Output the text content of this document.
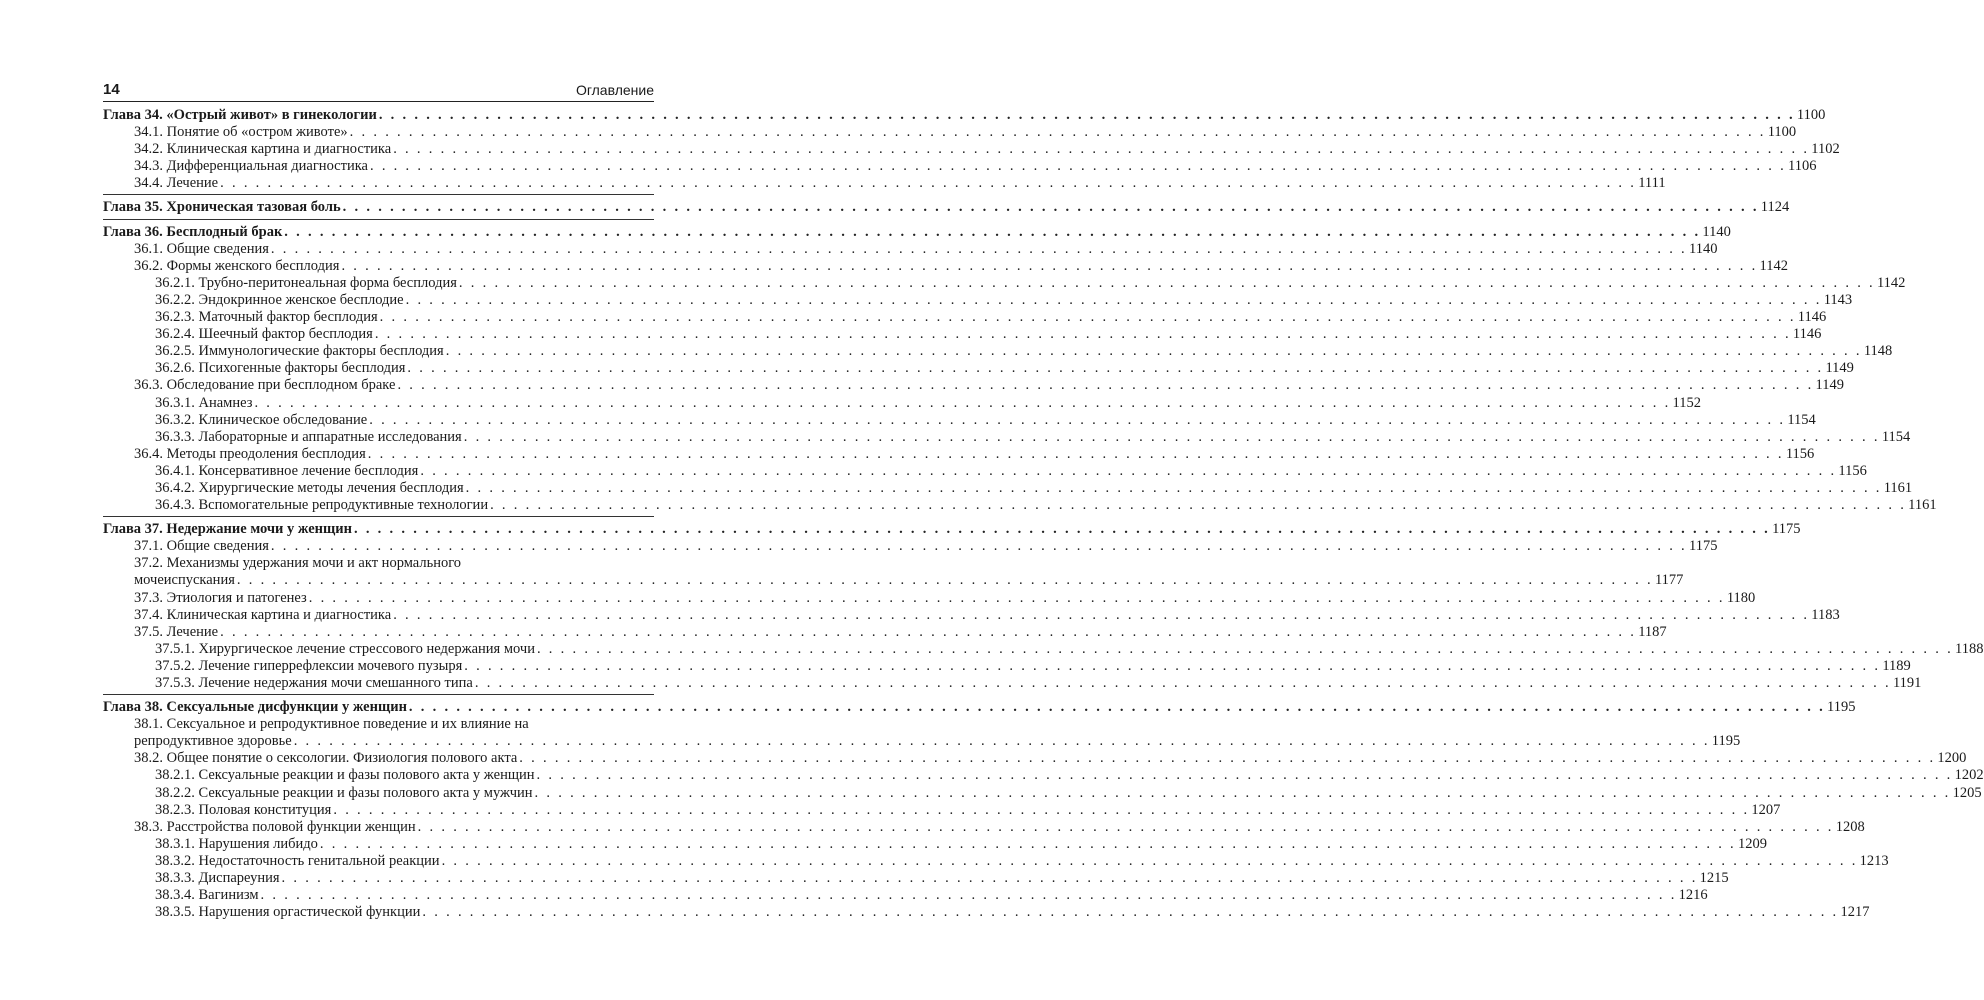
14	Оглавление
Глава 34. «Острый живот» в гинекологии . . . . . . . . . . . . . . . . . . . . . . . . . . . . . . . . . . . . . . . . . . . . . . . . . . . . . . . . . . . . . . . . . . . . . . . . . . . . . . . . . . . . . . . . . . . . . . . . . . . . . . . . . . . . . . . . . . . . . . . . 1100
34.1. Понятие об «остром животе» . . . . . . . . . . . . . . . . . . . . . . . . . . . . . . . . . . . . . . . . . . . . . . . . . . . . . . . . . . . . . . . . . . . . . . . . . . . . . . . . . . . . . . . . . . . . . . . . . . . . . . . . . . . . . . . . . . . . . . . . 1100
34.2. Клиническая картина и диагностика . . . . . . . . . . . . . . . . . . . . . . . . . . . . . . . . . . . . . . . . . . . . . . . . . . . . . . . . . . . . . . . . . . . . . . . . . . . . . . . . . . . . . . . . . . . . . . . . . . . . . . . . . . . . . . . . . . . . . . . . 1102
34.3. Дифференциальная диагностика . . . . . . . . . . . . . . . . . . . . . . . . . . . . . . . . . . . . . . . . . . . . . . . . . . . . . . . . . . . . . . . . . . . . . . . . . . . . . . . . . . . . . . . . . . . . . . . . . . . . . . . . . . . . . . . . . . . . . . . . 1106
34.4. Лечение . . . . . . . . . . . . . . . . . . . . . . . . . . . . . . . . . . . . . . . . . . . . . . . . . . . . . . . . . . . . . . . . . . . . . . . . . . . . . . . . . . . . . . . . . . . . . . . . . . . . . . . . . . . . . . . . . . . . . . . . 1111
Глава 35. Хроническая тазовая боль . . . . . . . . . . . . . . . . . . . . . . . . . . . . . . . . . . . . . . . . . . . . . . . . . . . . . . . . . . . . . . . . . . . . . . . . . . . . . . . . . . . . . . . . . . . . . . . . . . . . . . . . . . . . . . . . . . . . . . . . 1124
Глава 36. Бесплодный брак . . . . . . . . . . . . . . . . . . . . . . . . . . . . . . . . . . . . . . . . . . . . . . . . . . . . . . . . . . . . . . . . . . . . . . . . . . . . . . . . . . . . . . . . . . . . . . . . . . . . . . . . . . . . . . . . . . . . . . . . 1140
36.1. Общие сведения . . . . . . . . . . . . . . . . . . . . . . . . . . . . . . . . . . . . . . . . . . . . . . . . . . . . . . . . . . . . . . . . . . . . . . . . . . . . . . . . . . . . . . . . . . . . . . . . . . . . . . . . . . . . . . . . . . . . . . . . 1140
36.2. Формы женского бесплодия . . . . . . . . . . . . . . . . . . . . . . . . . . . . . . . . . . . . . . . . . . . . . . . . . . . . . . . . . . . . . . . . . . . . . . . . . . . . . . . . . . . . . . . . . . . . . . . . . . . . . . . . . . . . . . . . . . . . . . . . 1142
36.2.1. Трубно-перитонеальная форма бесплодия . . . . . . . . . . . . . . . . . . . . . . . . . . . . . . . . . . . . . . . . . . . . . . . . . . . . . . . . . . . . . . . . . . . . . . . . . . . . . . . . . . . . . . . . . . . . . . . . . . . . . . . . . . . . . . . . . . . . . . . . 1142
36.2.2. Эндокринное женское бесплодие . . . . . . . . . . . . . . . . . . . . . . . . . . . . . . . . . . . . . . . . . . . . . . . . . . . . . . . . . . . . . . . . . . . . . . . . . . . . . . . . . . . . . . . . . . . . . . . . . . . . . . . . . . . . . . . . . . . . . . . . 1143
36.2.3. Маточный фактор бесплодия . . . . . . . . . . . . . . . . . . . . . . . . . . . . . . . . . . . . . . . . . . . . . . . . . . . . . . . . . . . . . . . . . . . . . . . . . . . . . . . . . . . . . . . . . . . . . . . . . . . . . . . . . . . . . . . . . . . . . . . . 1146
36.2.4. Шеечный фактор бесплодия . . . . . . . . . . . . . . . . . . . . . . . . . . . . . . . . . . . . . . . . . . . . . . . . . . . . . . . . . . . . . . . . . . . . . . . . . . . . . . . . . . . . . . . . . . . . . . . . . . . . . . . . . . . . . . . . . . . . . . . . 1146
36.2.5. Иммунологические факторы бесплодия . . . . . . . . . . . . . . . . . . . . . . . . . . . . . . . . . . . . . . . . . . . . . . . . . . . . . . . . . . . . . . . . . . . . . . . . . . . . . . . . . . . . . . . . . . . . . . . . . . . . . . . . . . . . . . . . . . . . . . . . 1148
36.2.6. Психогенные факторы бесплодия . . . . . . . . . . . . . . . . . . . . . . . . . . . . . . . . . . . . . . . . . . . . . . . . . . . . . . . . . . . . . . . . . . . . . . . . . . . . . . . . . . . . . . . . . . . . . . . . . . . . . . . . . . . . . . . . . . . . . . . . 1149
36.3. Обследование при бесплодном браке . . . . . . . . . . . . . . . . . . . . . . . . . . . . . . . . . . . . . . . . . . . . . . . . . . . . . . . . . . . . . . . . . . . . . . . . . . . . . . . . . . . . . . . . . . . . . . . . . . . . . . . . . . . . . . . . . . . . . . . . 1149
36.3.1. Анамнез . . . . . . . . . . . . . . . . . . . . . . . . . . . . . . . . . . . . . . . . . . . . . . . . . . . . . . . . . . . . . . . . . . . . . . . . . . . . . . . . . . . . . . . . . . . . . . . . . . . . . . . . . . . . . . . . . . . . . . . . 1152
36.3.2. Клиническое обследование . . . . . . . . . . . . . . . . . . . . . . . . . . . . . . . . . . . . . . . . . . . . . . . . . . . . . . . . . . . . . . . . . . . . . . . . . . . . . . . . . . . . . . . . . . . . . . . . . . . . . . . . . . . . . . . . . . . . . . . . 1154
36.3.3. Лабораторные и аппаратные исследования . . . . . . . . . . . . . . . . . . . . . . . . . . . . . . . . . . . . . . . . . . . . . . . . . . . . . . . . . . . . . . . . . . . . . . . . . . . . . . . . . . . . . . . . . . . . . . . . . . . . . . . . . . . . . . . . . . . . . . . . 1154
36.4. Методы преодоления бесплодия . . . . . . . . . . . . . . . . . . . . . . . . . . . . . . . . . . . . . . . . . . . . . . . . . . . . . . . . . . . . . . . . . . . . . . . . . . . . . . . . . . . . . . . . . . . . . . . . . . . . . . . . . . . . . . . . . . . . . . . . 1156
36.4.1. Консервативное лечение бесплодия . . . . . . . . . . . . . . . . . . . . . . . . . . . . . . . . . . . . . . . . . . . . . . . . . . . . . . . . . . . . . . . . . . . . . . . . . . . . . . . . . . . . . . . . . . . . . . . . . . . . . . . . . . . . . . . . . . . . . . . . 1156
36.4.2. Хирургические методы лечения бесплодия . . . . . . . . . . . . . . . . . . . . . . . . . . . . . . . . . . . . . . . . . . . . . . . . . . . . . . . . . . . . . . . . . . . . . . . . . . . . . . . . . . . . . . . . . . . . . . . . . . . . . . . . . . . . . . . . . . . . . . . . 1161
36.4.3. Вспомогательные репродуктивные технологии . . . . . . . . . . . . . . . . . . . . . . . . . . . . . . . . . . . . . . . . . . . . . . . . . . . . . . . . . . . . . . . . . . . . . . . . . . . . . . . . . . . . . . . . . . . . . . . . . . . . . . . . . . . . . . . . . . . . . . . . 1161
Глава 37. Недержание мочи у женщин . . . . . . . . . . . . . . . . . . . . . . . . . . . . . . . . . . . . . . . . . . . . . . . . . . . . . . . . . . . . . . . . . . . . . . . . . . . . . . . . . . . . . . . . . . . . . . . . . . . . . . . . . . . . . . . . . . . . . . . . 1175
37.1. Общие сведения . . . . . . . . . . . . . . . . . . . . . . . . . . . . . . . . . . . . . . . . . . . . . . . . . . . . . . . . . . . . . . . . . . . . . . . . . . . . . . . . . . . . . . . . . . . . . . . . . . . . . . . . . . . . . . . . . . . . . . . . 1175
37.2. Механизмы удержания мочи и акт нормального
мочеиспускания . . . . . . . . . . . . . . . . . . . . . . . . . . . . . . . . . . . . . . . . . . . . . . . . . . . . . . . . . . . . . . . . . . . . . . . . . . . . . . . . . . . . . . . . . . . . . . . . . . . . . . . . . . . . . . . . . . . . . . . . 1177
37.3. Этиология и патогенез . . . . . . . . . . . . . . . . . . . . . . . . . . . . . . . . . . . . . . . . . . . . . . . . . . . . . . . . . . . . . . . . . . . . . . . . . . . . . . . . . . . . . . . . . . . . . . . . . . . . . . . . . . . . . . . . . . . . . . . . 1180
37.4. Клиническая картина и диагностика . . . . . . . . . . . . . . . . . . . . . . . . . . . . . . . . . . . . . . . . . . . . . . . . . . . . . . . . . . . . . . . . . . . . . . . . . . . . . . . . . . . . . . . . . . . . . . . . . . . . . . . . . . . . . . . . . . . . . . . . 1183
37.5. Лечение . . . . . . . . . . . . . . . . . . . . . . . . . . . . . . . . . . . . . . . . . . . . . . . . . . . . . . . . . . . . . . . . . . . . . . . . . . . . . . . . . . . . . . . . . . . . . . . . . . . . . . . . . . . . . . . . . . . . . . . . 1187
37.5.1. Хирургическое лечение стрессового недержания мочи . . . . . . . . . . . . . . . . . . . . . . . . . . . . . . . . . . . . . . . . . . . . . . . . . . . . . . . . . . . . . . . . . . . . . . . . . . . . . . . . . . . . . . . . . . . . . . . . . . . . . . . . . . . . . . . . . . . . . . . . 1188
37.5.2. Лечение гиперрефлексии мочевого пузыря . . . . . . . . . . . . . . . . . . . . . . . . . . . . . . . . . . . . . . . . . . . . . . . . . . . . . . . . . . . . . . . . . . . . . . . . . . . . . . . . . . . . . . . . . . . . . . . . . . . . . . . . . . . . . . . . . . . . . . . . 1189
37.5.3. Лечение недержания мочи смешанного типа . . . . . . . . . . . . . . . . . . . . . . . . . . . . . . . . . . . . . . . . . . . . . . . . . . . . . . . . . . . . . . . . . . . . . . . . . . . . . . . . . . . . . . . . . . . . . . . . . . . . . . . . . . . . . . . . . . . . . . . . 1191
Глава 38. Сексуальные дисфункции у женщин . . . . . . . . . . . . . . . . . . . . . . . . . . . . . . . . . . . . . . . . . . . . . . . . . . . . . . . . . . . . . . . . . . . . . . . . . . . . . . . . . . . . . . . . . . . . . . . . . . . . . . . . . . . . . . . . . . . . . . . . 1195
38.1. Сексуальное и репродуктивное поведение и их влияние на
репродуктивное здоровье . . . . . . . . . . . . . . . . . . . . . . . . . . . . . . . . . . . . . . . . . . . . . . . . . . . . . . . . . . . . . . . . . . . . . . . . . . . . . . . . . . . . . . . . . . . . . . . . . . . . . . . . . . . . . . . . . . . . . . . . 1195
38.2. Общее понятие о сексологии. Физиология полового акта . . . . . . . . . . . . . . . . . . . . . . . . . . . . . . . . . . . . . . . . . . . . . . . . . . . . . . . . . . . . . . . . . . . . . . . . . . . . . . . . . . . . . . . . . . . . . . . . . . . . . . . . . . . . . . . . . . . . . . . . 1200
38.2.1. Сексуальные реакции и фазы полового акта у женщин . . . . . . . . . . . . . . . . . . . . . . . . . . . . . . . . . . . . . . . . . . . . . . . . . . . . . . . . . . . . . . . . . . . . . . . . . . . . . . . . . . . . . . . . . . . . . . . . . . . . . . . . . . . . . . . . . . . . . . . . 1202
38.2.2. Сексуальные реакции и фазы полового акта у мужчин . . . . . . . . . . . . . . . . . . . . . . . . . . . . . . . . . . . . . . . . . . . . . . . . . . . . . . . . . . . . . . . . . . . . . . . . . . . . . . . . . . . . . . . . . . . . . . . . . . . . . . . . . . . . . . . . . . . . . . . . 1205
38.2.3. Половая конституция . . . . . . . . . . . . . . . . . . . . . . . . . . . . . . . . . . . . . . . . . . . . . . . . . . . . . . . . . . . . . . . . . . . . . . . . . . . . . . . . . . . . . . . . . . . . . . . . . . . . . . . . . . . . . . . . . . . . . . . . 1207
38.3. Расстройства половой функции женщин . . . . . . . . . . . . . . . . . . . . . . . . . . . . . . . . . . . . . . . . . . . . . . . . . . . . . . . . . . . . . . . . . . . . . . . . . . . . . . . . . . . . . . . . . . . . . . . . . . . . . . . . . . . . . . . . . . . . . . . . 1208
38.3.1. Нарушения либидо . . . . . . . . . . . . . . . . . . . . . . . . . . . . . . . . . . . . . . . . . . . . . . . . . . . . . . . . . . . . . . . . . . . . . . . . . . . . . . . . . . . . . . . . . . . . . . . . . . . . . . . . . . . . . . . . . . . . . . . . 1209
38.3.2. Недостаточность генитальной реакции . . . . . . . . . . . . . . . . . . . . . . . . . . . . . . . . . . . . . . . . . . . . . . . . . . . . . . . . . . . . . . . . . . . . . . . . . . . . . . . . . . . . . . . . . . . . . . . . . . . . . . . . . . . . . . . . . . . . . . . . 1213
38.3.3. Диспареуния . . . . . . . . . . . . . . . . . . . . . . . . . . . . . . . . . . . . . . . . . . . . . . . . . . . . . . . . . . . . . . . . . . . . . . . . . . . . . . . . . . . . . . . . . . . . . . . . . . . . . . . . . . . . . . . . . . . . . . . . 1215
38.3.4. Вагинизм . . . . . . . . . . . . . . . . . . . . . . . . . . . . . . . . . . . . . . . . . . . . . . . . . . . . . . . . . . . . . . . . . . . . . . . . . . . . . . . . . . . . . . . . . . . . . . . . . . . . . . . . . . . . . . . . . . . . . . . . 1216
38.3.5. Нарушения оргастической функции . . . . . . . . . . . . . . . . . . . . . . . . . . . . . . . . . . . . . . . . . . . . . . . . . . . . . . . . . . . . . . . . . . . . . . . . . . . . . . . . . . . . . . . . . . . . . . . . . . . . . . . . . . . . . . . . . . . . . . . . 1217
